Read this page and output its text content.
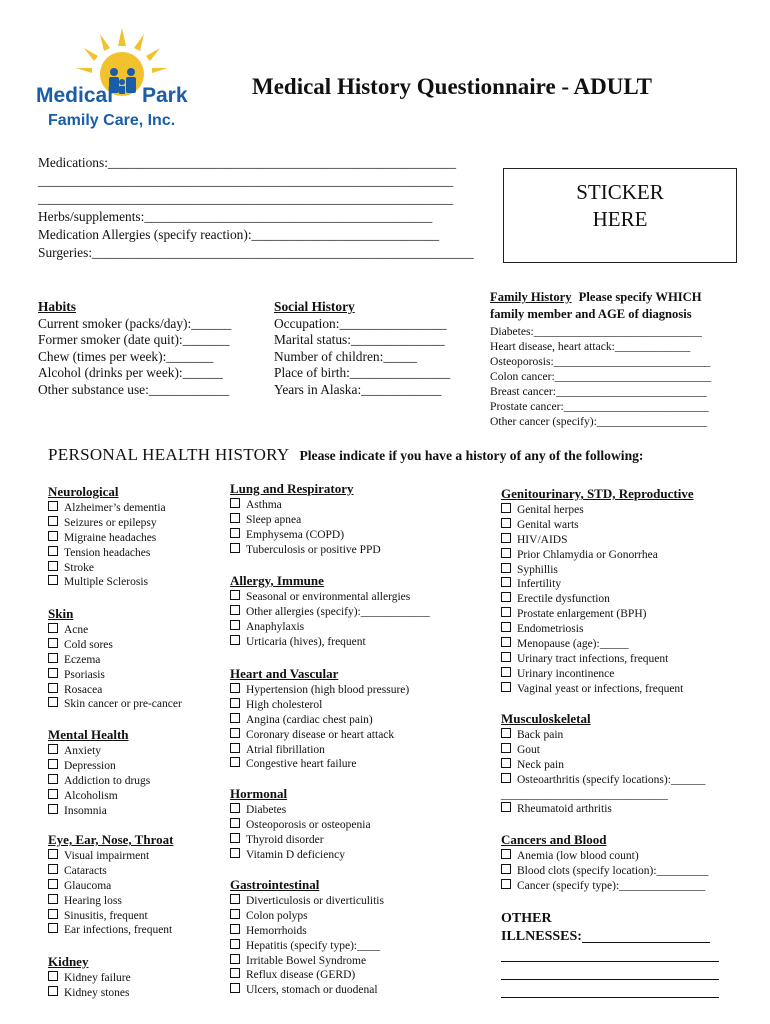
Medical Park
Family Care, Inc.
Medical History Questionnaire - ADULT
Medications:____________________________________________________
______________________________________________________________
______________________________________________________________
Herbs/supplements:___________________________________________
Medication Allergies (specify reaction):____________________________
Surgeries:_________________________________________________________
STICKER
HERE
Habits
Current smoker (packs/day):______
Former smoker (date quit):_______
Chew (times per week):_______
Alcohol (drinks per week):______
Other substance use:____________
Social History
Occupation:________________
Marital status:______________
Number of children:_____
Place of birth:_______________
Years in Alaska:____________
Family History Please specify WHICH
family member and AGE of diagnosis
Diabetes:_____________________________
Heart disease, heart attack:_____________
Osteoporosis:___________________________
Colon cancer:___________________________
Breast cancer:__________________________
Prostate cancer:_________________________
Other cancer (specify):___________________
PERSONAL HEALTH HISTORY Please indicate if you have a history of any of the following:
Neurological
Alzheimer’s dementia
Seizures or epilepsy
Migraine headaches
Tension headaches
Stroke
Multiple Sclerosis
Skin
Acne
Cold sores
Eczema
Psoriasis
Rosacea
Skin cancer or pre-cancer
Mental Health
Anxiety
Depression
Addiction to drugs
Alcoholism
Insomnia
Eye, Ear, Nose, Throat
Visual impairment
Cataracts
Glaucoma
Hearing loss
Sinusitis, frequent
Ear infections, frequent
Kidney
Kidney failure
Kidney stones
Lung and Respiratory
Asthma
Sleep apnea
Emphysema (COPD)
Tuberculosis or positive PPD
Allergy, Immune
Seasonal or environmental allergies
Other allergies (specify):____________
Anaphylaxis
Urticaria (hives), frequent
Heart and Vascular
Hypertension (high blood pressure)
High cholesterol
Angina (cardiac chest pain)
Coronary disease or heart attack
Atrial fibrillation
Congestive heart failure
Hormonal
Diabetes
Osteoporosis or osteopenia
Thyroid disorder
Vitamin D deficiency
Gastrointestinal
Diverticulosis or diverticulitis
Colon polyps
Hemorrhoids
Hepatitis (specify type):____
Irritable Bowel Syndrome
Reflux disease (GERD)
Ulcers, stomach or duodenal
Genitourinary, STD, Reproductive
Genital herpes
Genital warts
HIV/AIDS
Prior Chlamydia or Gonorrhea
Syphillis
Infertility
Erectile dysfunction
Prostate enlargement (BPH)
Endometriosis
Menopause (age):_____
Urinary tract infections, frequent
Urinary incontinence
Vaginal yeast or infections, frequent
Musculoskeletal
Back pain
Gout
Neck pain
Osteoarthritis (specify locations):______
_____________________________
Rheumatoid arthritis
Cancers and Blood
Anemia (low blood count)
Blood clots (specify location):_________
Cancer (specify type):_______________
OTHER
ILLNESSES:
